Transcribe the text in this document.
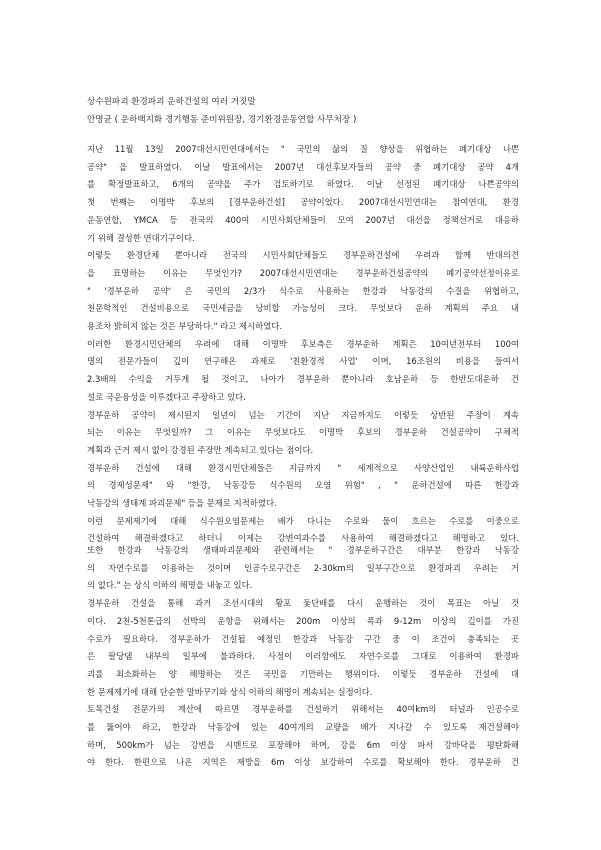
상수원파괴 환경파괴 운하건설의 여러 거짓말
안명균 ( 운하백지화 경기행동 준비위원장, 경기환경운동연합 사무처장 )
지난 11월 13일 2007대선시민연대에서는 " 국민의 삶의 질 향상을 위협하는 폐기대상 나쁜
공약" 을 발표하였다. 이날 발표에서는 2007년 대선후보자들의 공약 중 폐기대상 공약 4개
를 확정발표하고, 6개의 공약을 주가 검토하기로 하였다. 이날 선정된 폐기대상 나쁜공약의
첫 번째는 이명박 후보의 [경부운하건설] 공약이었다. 2007대선시민연대는 참여연대, 환경
운동연합, YMCA 등 전국의 400여 시민사회단체들이 모여 2007년 대선을 정책선거로 대응하
기 위해 결성한 연대기구이다.
이렇듯 환경단체 뿐아니라 전국의 시민사회단체들도 경부운하건설에 우려과 함께 반대의견
을 표명하는 이유는 무엇인가? 2007대선시민연대는 경부운하건설공약의 폐기공약선정이유로
" '경부운하 공약' 은 국민의 2/3가 식수로 사용하는 한강과 낙동강의 수질을 위협하고,
천문학적인 건설비용으로 국민세금을 낭비할 가능성이 크다. 무엇보다 운하 계획의 주요 내
용조차 밝히지 않는 것은 부당하다." 라고 제시하였다.
이러한 환경시민단체의 우려에 대해 이명박 후보측은 경부운하 계획은 10여년전부터 100여
명의 전문가들이 깊이 연구해온 과제로 '친환경적 사업' 이며, 16조원의 비용을 들여서
2.3배의 수익을 거두게 될 것이고, 나아가 경부운하 뿐아니라 호남운하 등 한반도대운하 건
설로 국운융성을 이루겠다고 주장하고 있다.
경부운하 공약이 제시된지 일년이 넘는 기간이 지난 지금까지도 이렇듯 상반된 주장이 계속
되는 이유는 무엇일까? 그 이유는 무엇보다도 이명박 후보의 경부운하 건설공약이 구체적
계획과 근거 제시 없이 강경된 주장만 계속되고 있다는 점이다.
경부운하 건설에 대해 환경시민단체들은 지금까지 " 세계적으로 사양산업인 내륙운하사업
의 경제성문제" 와 "한강, 낙동강등 식수원의 오염 위험" , " 운하건설에 따른 한강과
낙동강의 생태계 파괴문제" 등을 문제로 지적하였다.
이런 문제제기에 대해 식수원오염문제는 배가 다니는 수로와 물이 흐르는 수로를 이중으로
건설하여 해결하겠다고 하더니 이제는 강변여과수를 사용하여 해결하겠다고 해명하고 있다.
또한 한강과 낙동강의 생태파괴문제와 관련해서는 " 경부운하구간은 대부분 한강과 낙동강
의 자연수로를 이용하는 것이며 인공수로구간은 2-30km의 일부구간으로 환경파괴 우려는 거
의 없다." 는 상식 이하의 해명을 내놓고 있다.
경부운하 건설을 통해 과거 조선시대의 황포 돛단배를 다시 운행하는 것이 목표는 아닐 것
이다. 2천-5천톤급의 선박의 운항을 위해서는 200m 이상의 폭과 9-12m 이상의 깊이를 가진
수로가 필요하다. 경부운하가 건설될 예정인 한강과 낙동강 구간 중 이 조건이 충족되는 곳
은 팔당댐 내부의 일부에 불과하다. 사정이 이러함에도 자연수로를 그대로 이용하여 환경파
괴를 최소화하는 양 해명하는 것은 국민을 기만하는 행위이다. 이렇듯 경부운하 건설에 대
한 문제제기에 대해 단순한 말바꾸기와 상식 이하의 해명이 계속되는 실정이다.
토목건설 전문가의 계산에 따르면 경부운하를 건설하기 위해서는 40여km의 터널과 인공수로
를 뚫어야 하고, 한강과 낙동강에 있는 40여개의 교량을 배가 지나갈 수 있도록 재건설해야
하며, 500km가 넘는 강변을 시멘트로 포장해야 하며, 강을 6m 이상 파서 강바닥을 평탄화해
야 한다. 한편으로 나온 지역은 제방을 6m 이상 보강하여 수로를 확보해야 한다. 경부운하 건
